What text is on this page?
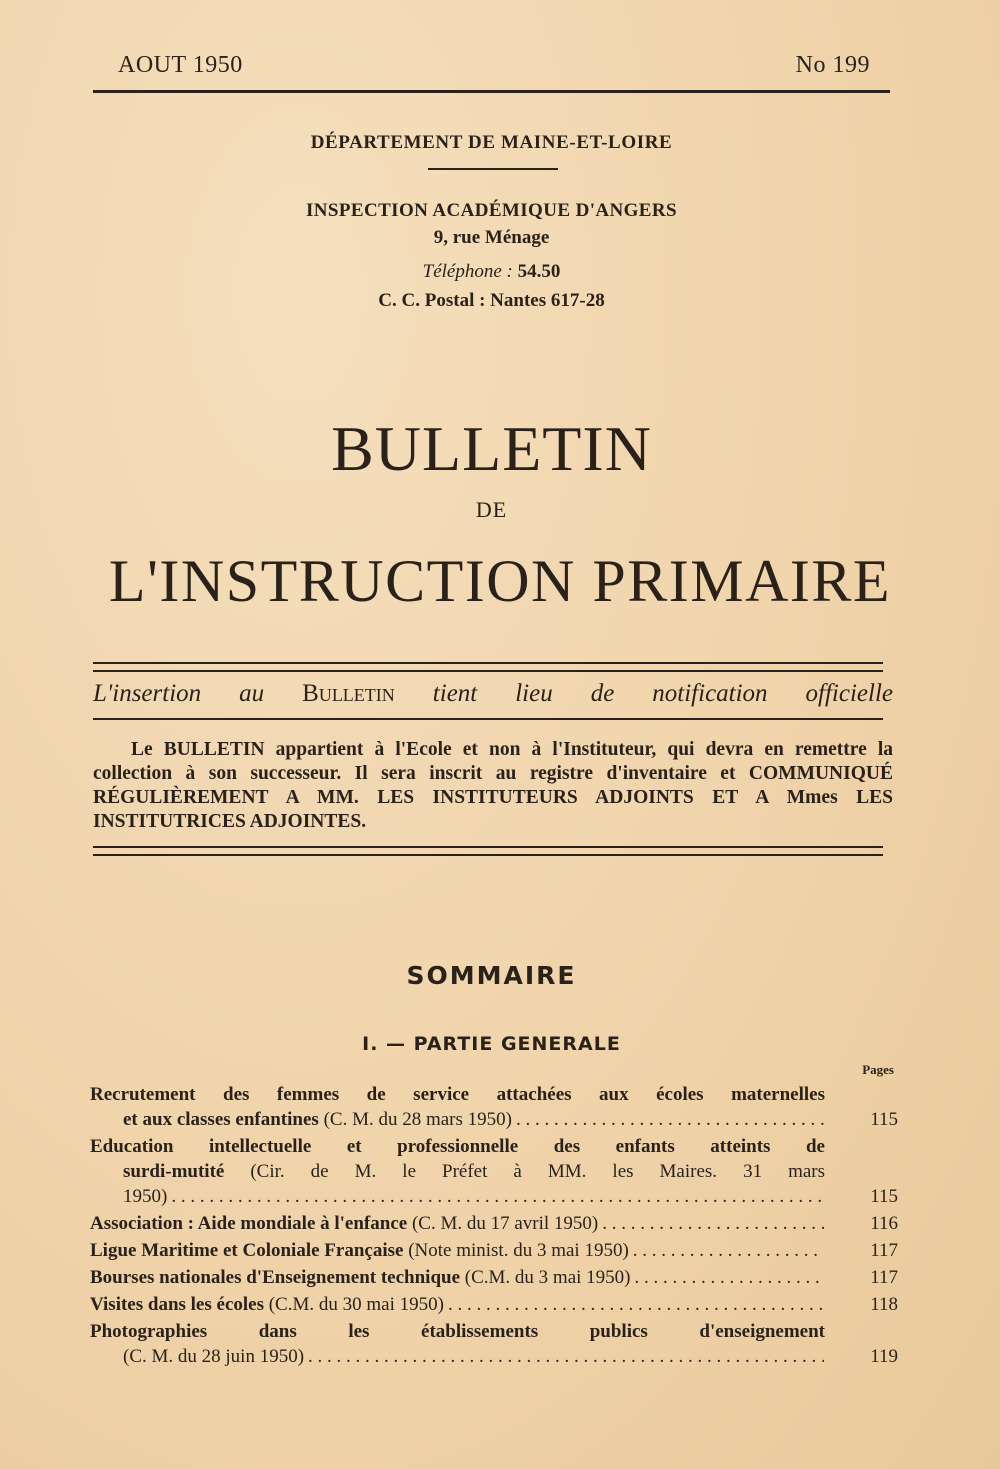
AOUT 1950	No 199
DÉPARTEMENT DE MAINE-ET-LOIRE
INSPECTION ACADÉMIQUE D'ANGERS
9, rue Ménage
Téléphone : 54.50
C. C. Postal : Nantes 617-28
BULLETIN
DE
L'INSTRUCTION PRIMAIRE
L'insertion au Bulletin tient lieu de notification officielle

Le BULLETIN appartient à l'Ecole et non à l'Instituteur, qui devra en remettre la collection à son successeur. Il sera inscrit au registre d'inventaire et COMMUNIQUÉ RÉGULIÈREMENT A MM. LES INSTITUTEURS ADJOINTS ET A Mmes LES INSTITUTRICES ADJOINTES.

SOMMAIRE
I. — PARTIE GENERALE
Pages
Recrutement des femmes de service attachées aux écoles maternelles
et aux classes enfantines
(C. M. du 28 mars 1950) . . .	115
Education intellectuelle et professionnelle des enfants atteints de
surdi-mutité (Cir. de M. le Préfet à MM. les Maires. 31 mars
1950) . . .	115
Association : Aide mondiale à l'enfance
(C. M. du 17 avril 1950) . . .	116
Ligue Maritime et Coloniale Française
(Note minist. du 3 mai 1950) . . .	117
Bourses nationales d'Enseignement technique
(C.M. du 3 mai 1950) . . .	117
Visites dans les écoles
(C.M. du 30 mai 1950) . . .	118
Photographies dans les établissements publics d'enseignement
(C. M. du 28 juin 1950) . . .	119
